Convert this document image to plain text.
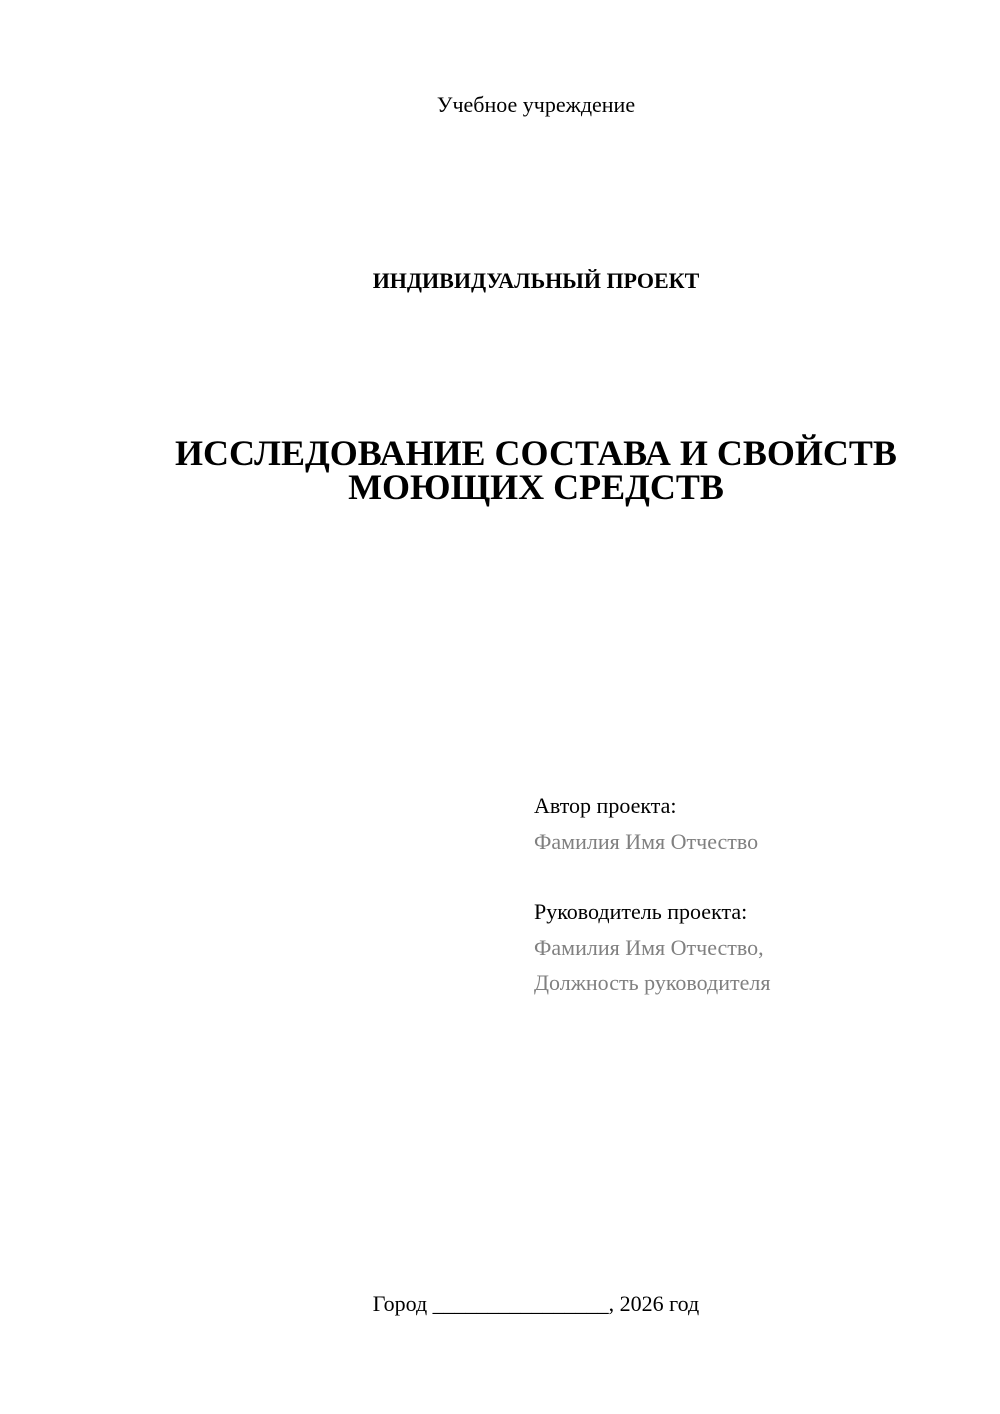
Учебное учреждение
ИНДИВИДУАЛЬНЫЙ ПРОЕКТ
ИССЛЕДОВАНИЕ СОСТАВА И СВОЙСТВ
МОЮЩИХ СРЕДСТВ
Автор проекта:
Фамилия Имя Отчество
Руководитель проекта:
Фамилия Имя Отчество,
Должность руководителя
Город ________________, 2026 год
